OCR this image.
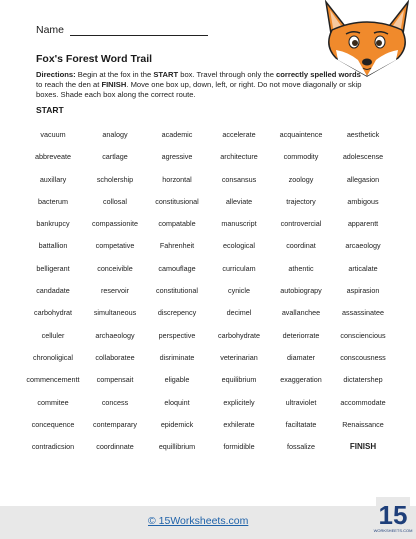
Name
Fox's Forest Word Trail
Directions: Begin at the fox in the START box. Travel through only the correctly spelled words to reach the den at FINISH. Move one box up, down, left, or right. Do not move diagonally or skip boxes. Shade each box along the correct route.
START
vacuum	analogy	academic	accelerate	acquaintence	aesthetick
abbreveate	cartlage	agressive	architecture	commodity	adolescense
auxillary	scholership	horzontal	consansus	zoology	allegasion
bacterum	collosal	constitusional	alleviate	trajectory	ambigous
bankrupcy	compassionite	compatable	manuscript	controvercial	apparentt
battallion	competative	Fahrenheit	ecological	coordinat	arcaeology
belligerant	conceivible	camouflage	curriculam	athentic	articalate
candadate	reservoir	constitutional	cynicle	autobiograpy	aspirasion
carbohydrat	simultaneous	discrepency	decimel	avallanchee	assassinatee
celluler	archaeology	perspective	carbohydrate	deteriorrate	consciencious
chronoligical	collaboratee	disriminate	veterinarian	diamater	conscousness
commencementt	compensait	eligable	equilibrium	exaggeration	dictatershep
commitee	concess	eloquint	explicitely	ultraviolet	accommodate
concequence	contemparary	epidemick	exhilerate	faciltatate	Renaissance
contradicsion	coordinnate	equillibrium	formidible	fossalize	FINISH
© 15Worksheets.com	15
WORKSHEETS.COM
